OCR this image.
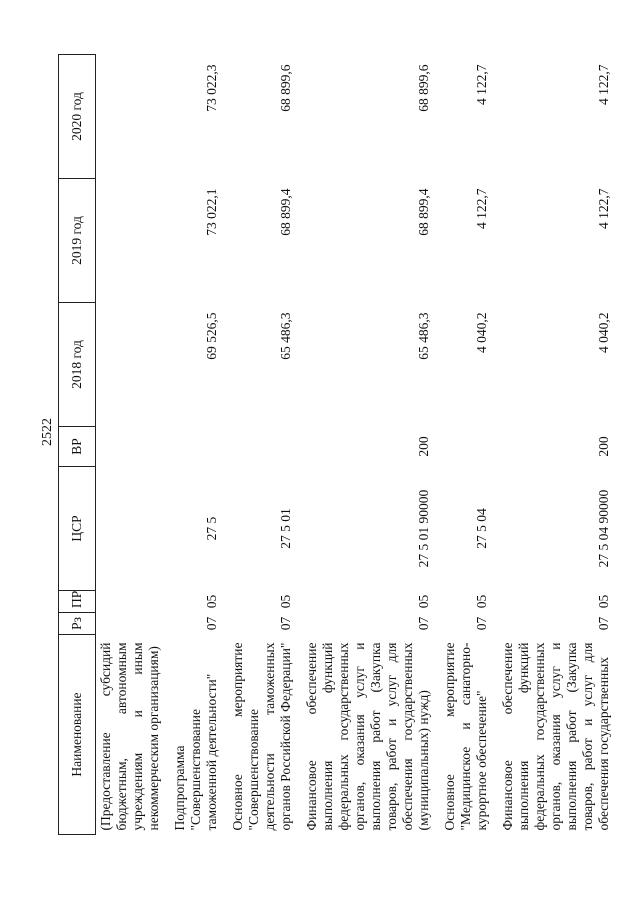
2522
Наименование	Рз	ПР	ЦСР	ВР	2018 год	2019 год	2020 год
(Предоставление субсидий бюджетным, автономным учреждениям и иным некоммерческим организациям)							
Подпрограмма "Совершенствование таможенной деятельности"	07	05	27 5		69 526,5	73 022,1	73 022,3
Основное мероприятие "Совершенствование деятельности таможенных органов Российской Федерации"	07	05	27 5 01		65 486,3	68 899,4	68 899,6
Финансовое обеспечение выполнения функций федеральных государственных органов, оказания услуг и выполнения работ (Закупка товаров, работ и услуг для обеспечения государственных (муниципальных) нужд)	07	05	27 5 01 90000	200	65 486,3	68 899,4	68 899,6
Основное мероприятие "Медицинское и санаторно-курортное обеспечение"	07	05	27 5 04		4 040,2	4 122,7	4 122,7
Финансовое обеспечение выполнения функций федеральных государственных органов, оказания услуг и выполнения работ (Закупка товаров, работ и услуг для обеспечения государственных	07	05	27 5 04 90000	200	4 040,2	4 122,7	4 122,7
